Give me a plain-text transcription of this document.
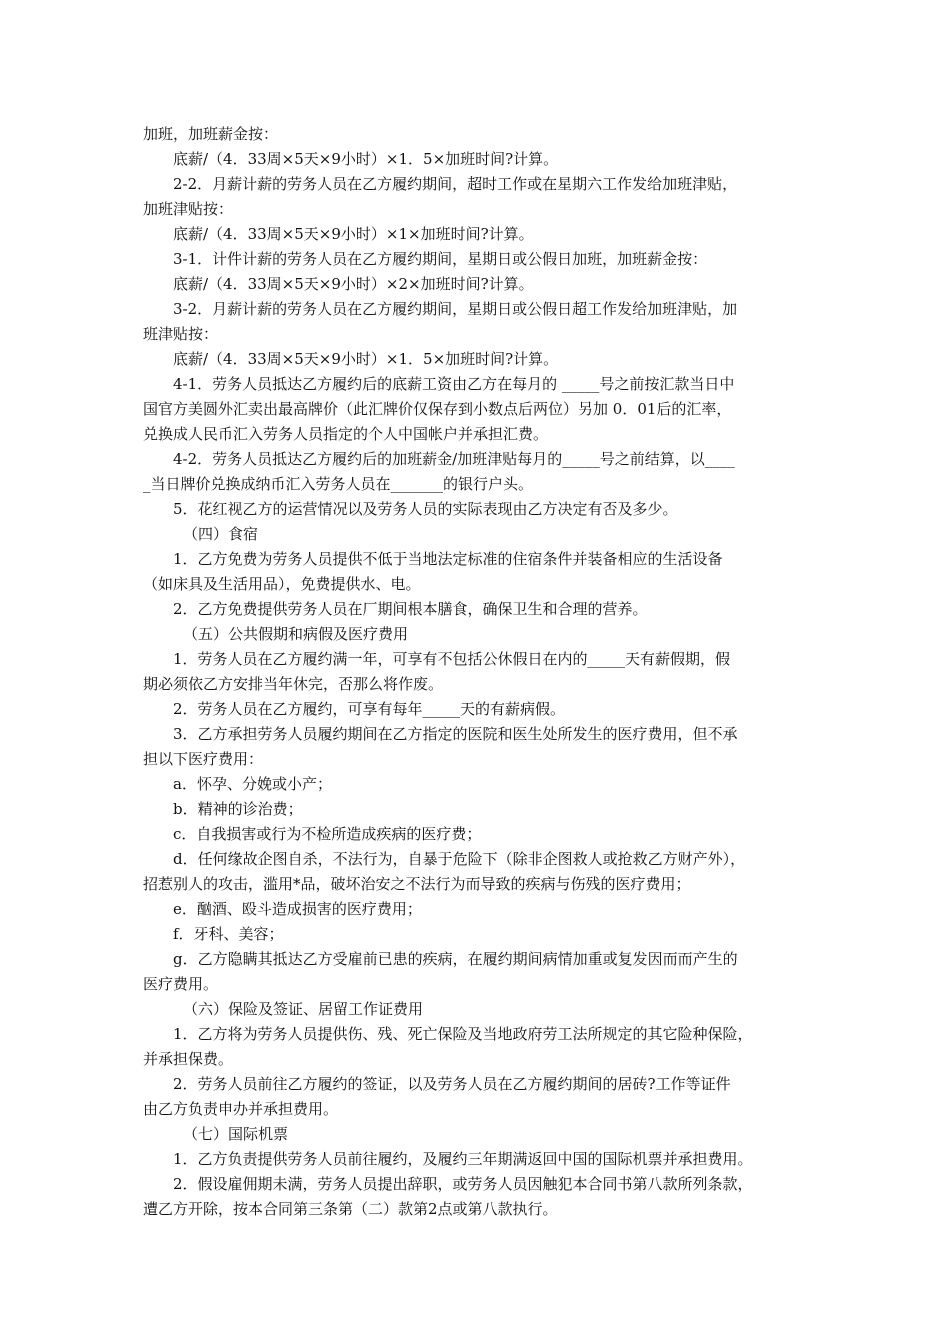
加班，加班薪金按：
底薪/（4．33周×5天×9小时）×1．5×加班时间?计算。
2-2．月薪计薪的劳务人员在乙方履约期间，超时工作或在星期六工作发给加班津贴，
加班津贴按：
底薪/（4．33周×5天×9小时）×1×加班时间?计算。
3-1．计件计薪的劳务人员在乙方履约期间，星期日或公假日加班，加班薪金按：
底薪/（4．33周×5天×9小时）×2×加班时间?计算。
3-2．月薪计薪的劳务人员在乙方履约期间，星期日或公假日超工作发给加班津贴，加
班津贴按：
底薪/（4．33周×5天×9小时）×1．5×加班时间?计算。
4-1．劳务人员抵达乙方履约后的底薪工资由乙方在每月的 _____号之前按汇款当日中
国官方美圆外汇卖出最高牌价（此汇牌价仅保存到小数点后两位）另加 0．01后的汇率，
兑换成人民币汇入劳务人员指定的个人中国帐户并承担汇费。
4-2．劳务人员抵达乙方履约后的加班薪金/加班津贴每月的_____号之前结算，以____
_当日牌价兑换成纳币汇入劳务人员在_______的银行户头。
5．花红视乙方的运营情况以及劳务人员的实际表现由乙方决定有否及多少。
（四）食宿
1．乙方免费为劳务人员提供不低于当地法定标准的住宿条件并装备相应的生活设备
（如床具及生活用品），免费提供水、电。
2．乙方免费提供劳务人员在厂期间根本膳食，确保卫生和合理的营养。
（五）公共假期和病假及医疗费用
1．劳务人员在乙方履约满一年，可享有不包括公休假日在内的_____天有薪假期，假
期必须依乙方安排当年休完，否那么将作废。
2．劳务人员在乙方履约，可享有每年_____天的有薪病假。
3．乙方承担劳务人员履约期间在乙方指定的医院和医生处所发生的医疗费用，但不承
担以下医疗费用：
a．怀孕、分娩或小产；
b．精神的诊治费；
c．自我损害或行为不检所造成疾病的医疗费；
d．任何缘故企图自杀，不法行为，自暴于危险下（除非企图救人或抢救乙方财产外），
招惹别人的攻击，滥用*品，破坏治安之不法行为而导致的疾病与伤残的医疗费用；
e．酗酒、殴斗造成损害的医疗费用；
f．牙科、美容；
g．乙方隐瞒其抵达乙方受雇前已患的疾病，在履约期间病情加重或复发因而而产生的
医疗费用。
（六）保险及签证、居留工作证费用
1．乙方将为劳务人员提供伤、残、死亡保险及当地政府劳工法所规定的其它险种保险，
并承担保费。
2．劳务人员前往乙方履约的签证，以及劳务人员在乙方履约期间的居砖?工作等证件
由乙方负责申办并承担费用。
（七）国际机票
1．乙方负责提供劳务人员前往履约，及履约三年期满返回中国的国际机票并承担费用。
2．假设雇佣期未满，劳务人员提出辞职，或劳务人员因触犯本合同书第八款所列条款，
遭乙方开除，按本合同第三条第（二）款第2点或第八款执行。
